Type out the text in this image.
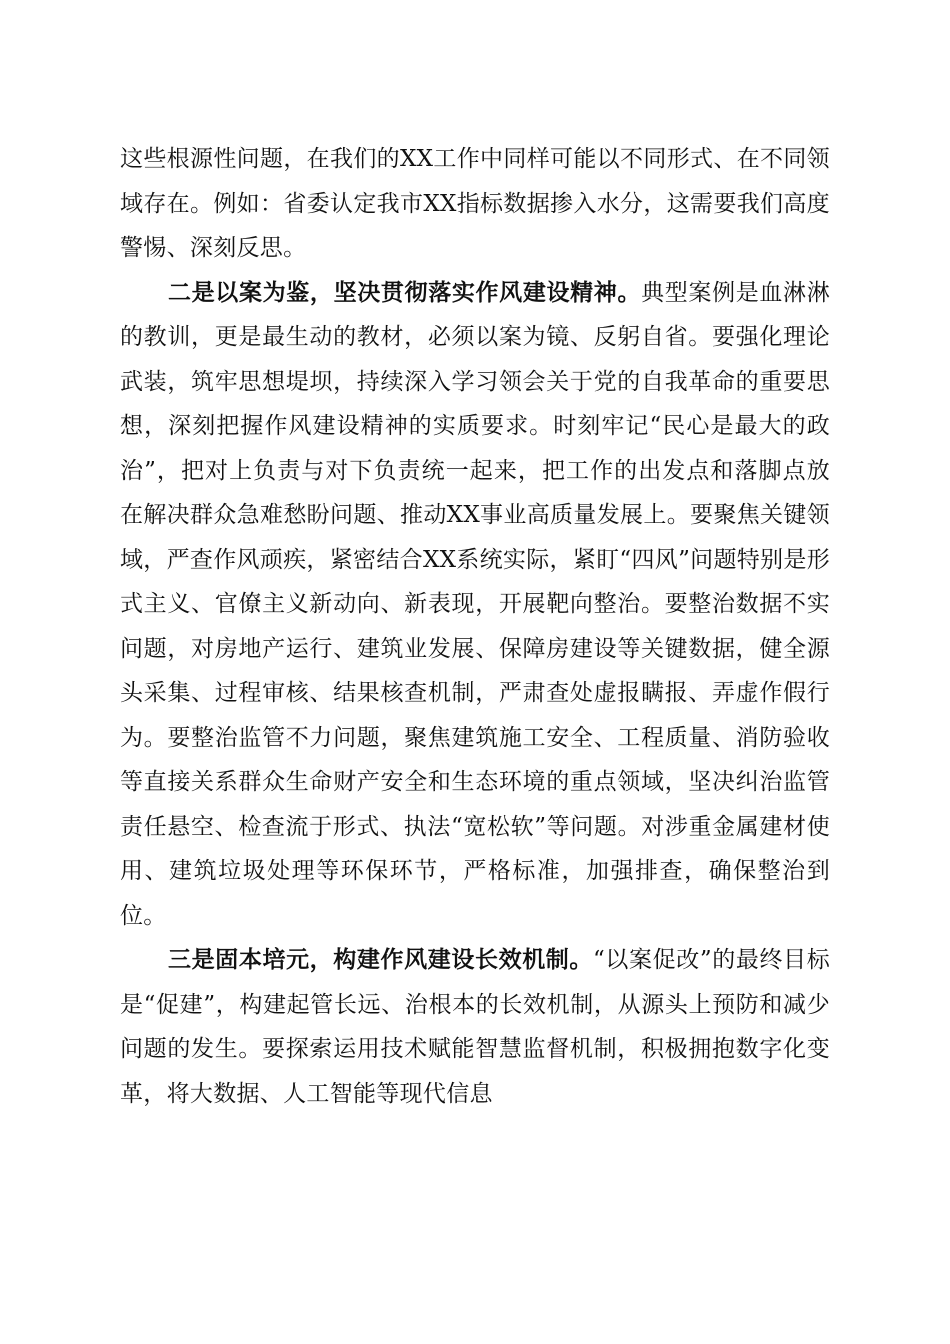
这些根源性问题，在我们的XX工作中同样可能以不同形式、在不同领域存在。例如：省委认定我市XX指标数据掺入水分，这需要我们高度警惕、深刻反思。

二是以案为鉴，坚决贯彻落实作风建设精神。典型案例是血淋淋的教训，更是最生动的教材，必须以案为镜、反躬自省。要强化理论武装，筑牢思想堤坝，持续深入学习领会关于党的自我革命的重要思想，深刻把握作风建设精神的实质要求。时刻牢记“民心是最大的政治”，把对上负责与对下负责统一起来，把工作的出发点和落脚点放在解决群众急难愁盼问题、推动XX事业高质量发展上。要聚焦关键领域，严查作风顽疾，紧密结合XX系统实际，紧盯“四风”问题特别是形式主义、官僚主义新动向、新表现，开展靶向整治。要整治数据不实问题，对房地产运行、建筑业发展、保障房建设等关键数据，健全源头采集、过程审核、结果核查机制，严肃查处虚报瞒报、弄虚作假行为。要整治监管不力问题，聚焦建筑施工安全、工程质量、消防验收等直接关系群众生命财产安全和生态环境的重点领域，坚决纠治监管责任悬空、检查流于形式、执法“宽松软”等问题。对涉重金属建材使用、建筑垃圾处理等环保环节，严格标准，加强排查，确保整治到位。

三是固本培元，构建作风建设长效机制。“以案促改”的最终目标是“促建”，构建起管长远、治根本的长效机制，从源头上预防和减少问题的发生。要探索运用技术赋能智慧监督机制，积极拥抱数字化变革，将大数据、人工智能等现代信息
